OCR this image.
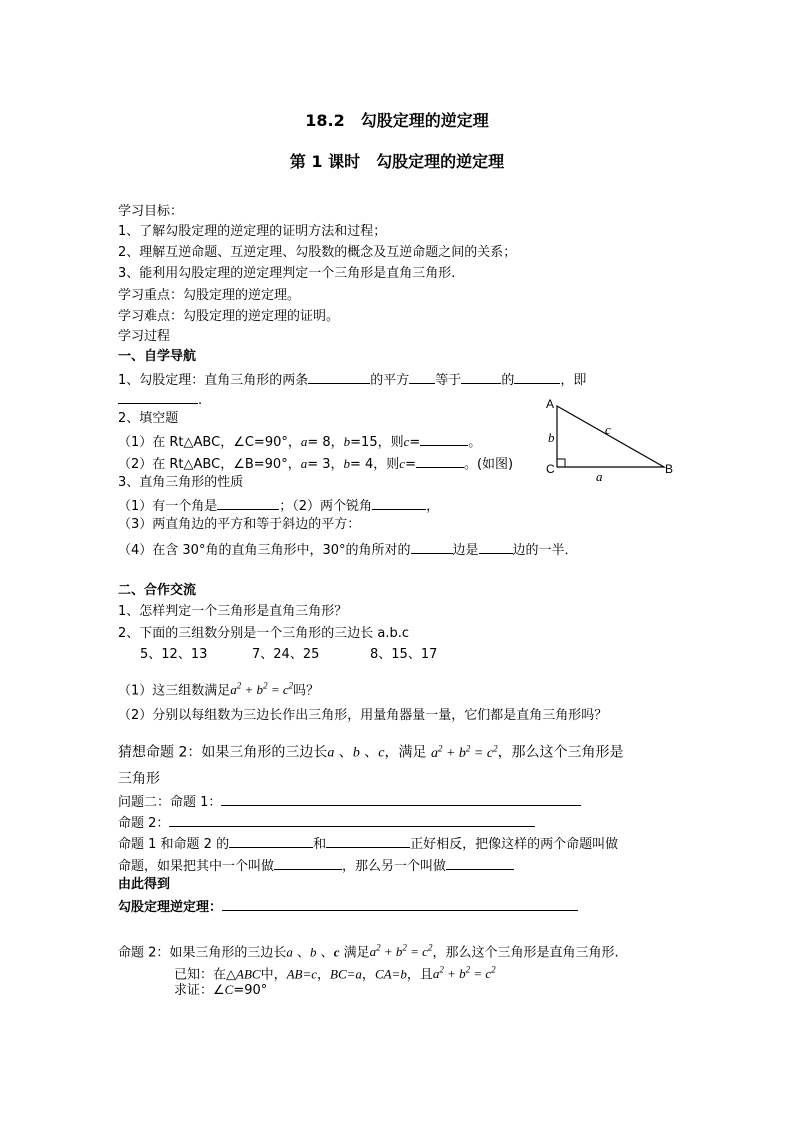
18.2　勾股定理的逆定理
第 1 课时　勾股定理的逆定理
学习目标：
1、了解勾股定理的逆定理的证明方法和过程；
2、理解互逆命题、互逆定理、勾股数的概念及互逆命题之间的关系；
3、能利用勾股定理的逆定理判定一个三角形是直角三角形.
学习重点：勾股定理的逆定理。
学习难点：勾股定理的逆定理的证明。
学习过程
一、自学导航
1、勾股定理：直角三角形的两条	的平方 等于	的	，即
.
2、填空题
（1）在 Rt△ABC，∠C=90°，a= 8，b=15，则c=	。
（2）在 Rt△ABC，∠B=90°，a= 3，b= 4，则c=	。(如图)
A
B
C
b
c
a
3、直角三角形的性质
（1）有一个角是	；（2）两个锐角	，
（3）两直角边的平方和等于斜边的平方：
（4）在含 30°角的直角三角形中，30°的角所对的	边是	边的一半．
二、合作交流
1、怎样判定一个三角形是直角三角形？
2、下面的三组数分别是一个三角形的三边长 a.b.c
5、12、13	7、24、25	8、15、17
（1）这三组数满足$a^2 + b^2 = c^2$吗？
（2）分别以每组数为三边长作出三角形，用量角器量一量，它们都是直角三角形吗？
猜想命题 2：如果三角形的三边长a 、b 、c，满足 $a^2 + b^2 = c^2$，那么这个三角形是
三角形
问题二：命题 1：
命题 2：
命题 1 和命题 2 的	和	正好相反，把像这样的两个命题叫做
命题，如果把其中一个叫做	，那么另一个叫做
由此得到
勾股定理逆定理：
命题 2：如果三角形的三边长a 、b 、c 满足$a^2 + b^2 = c^2$，那么这个三角形是直角三角形.
已知：在△ABC中，AB=c，BC=a，CA=b，且$a^2 + b^2 = c^2$
求证：∠C=90°
